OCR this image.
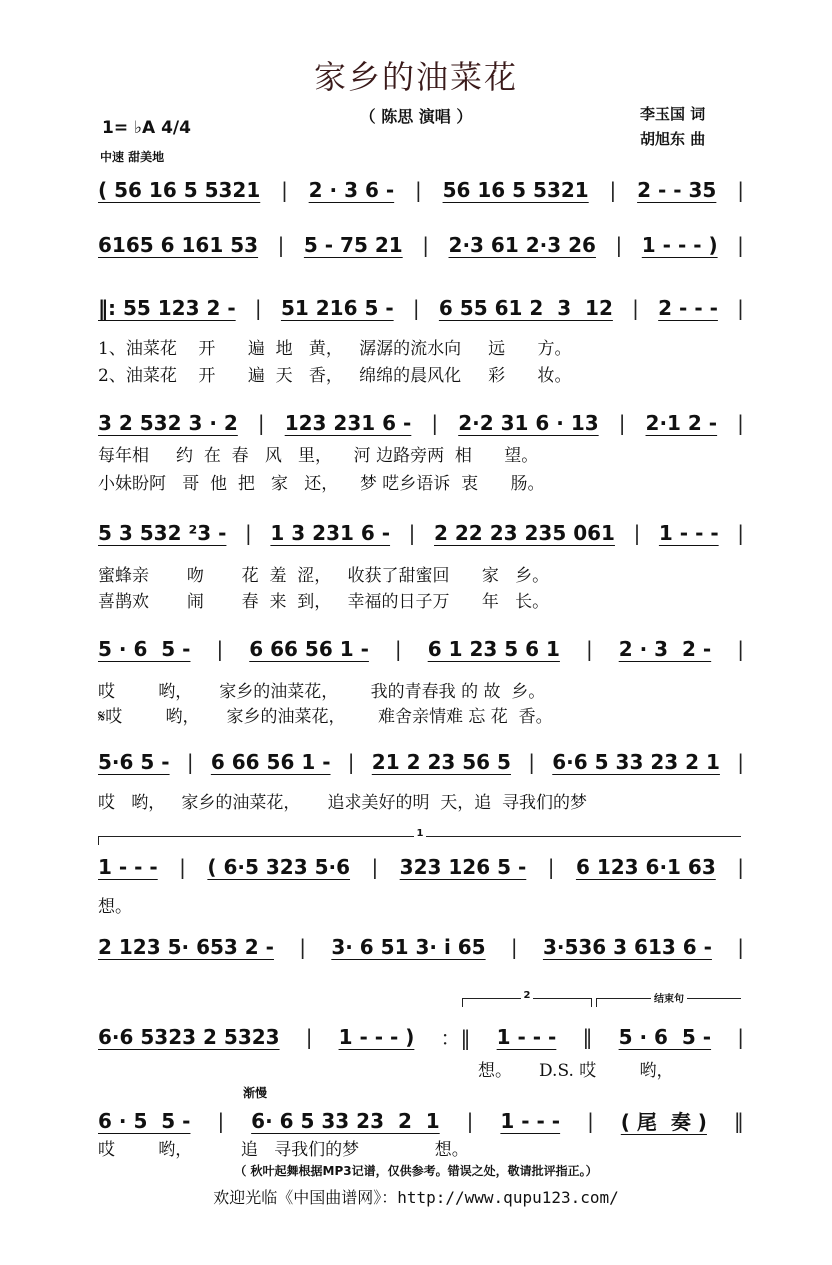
家乡的油菜花
（ 陈思 演唱 ）	李玉国 词
胡旭东 曲
1= ♭A 4/4
中速 甜美地
( 56 16 5 5321 | 2 · 3 6 - | 56 16 5 5321 | 2 - - 35 |
6165 6 161 53 | 5 - 75 21 | 2·3 61 2·3 26 | 1 - - - ) |
‖: 55 123 2 - | 51 216 5 - | 6 55 61 2  3  12 | 2 - - - |
3 2 532 3 · 2 | 123 231 6 - | 2·2 31 6 · 13 | 2·1 2 - |
5 3 532 ²3 - | 1 3 231 6 - | 2 22 23 235 061 | 1 - - - |
5 · 6  5 - | 6 66 56 1 - | 6 1 23 5 6 1 | 2 · 3  2 - |
5·6 5 - | 6 66 56 1 - | 21 2 23 56 5 | 6·6 5 33 23 2 1 |
1 - - - | ( 6·5 323 5·6 | 323 126 5 - | 6 123 6·1 63 |
2 123 5· 653 2 - | 3· 6 51 3· i 65 | 3·536 3 613 6 - |
6·6 5323 2 5323 | 1 - - - ) ：‖ 1 - - - ‖ 5 · 6  5 - |
6 · 5  5 - | 6· 6 5 33 23  2  1 | 1 - - - | ( 尾  奏 ) ‖
1、油菜花    开      遍  地   黄，   潺潺的流水向     远      方。
2、油菜花    开      遍  天   香，   绵绵的晨风化     彩      妆。
每年相     约  在  春   风   里，    河 边路旁两  相      望。
小妹盼阿   哥  他  把   家   还，    梦 呓乡语诉  衷      肠。
蜜蜂亲       吻       花  羞  涩，   收获了甜蜜回      家   乡。
喜鹊欢       闹       春  来  到，   幸福的日子万      年   长。
哎        哟，     家乡的油菜花，      我的青春我 的 故  乡。
𝄋哎        哟，     家乡的油菜花，      难舍亲情难 忘 花  香。
哎   哟，   家乡的油菜花，     追求美好的明  天，追  寻我们的梦
想。
想。     D.S. 哎        哟，
哎        哟，         追   寻我们的梦              想。
1
2	结束句
渐慢
（ 秋叶起舞根据MP3记谱，仅供参考。错误之处，敬请批评指正。）
欢迎光临《中国曲谱网》：http://www.qupu123.com/
